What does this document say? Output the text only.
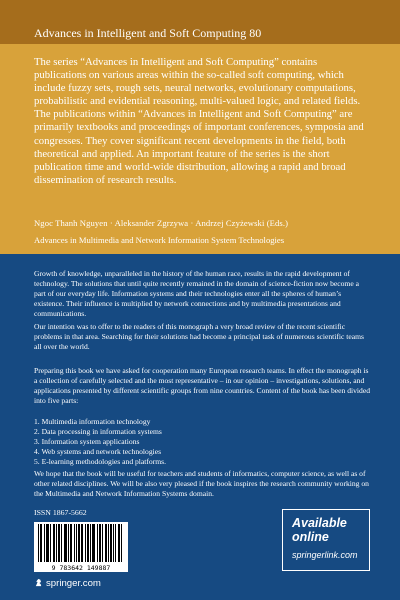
Advances in Intelligent and Soft Computing 80
The series “Advances in Intelligent and Soft Computing” contains publications on various areas within the so-called soft computing, which include fuzzy sets, rough sets, neural networks, evolutionary computations, probabilistic and evidential reasoning, multi-valued logic, and related fields. The publications within “Advances in Intelligent and Soft Computing” are primarily textbooks and proceedings of important conferences, symposia and congresses. They cover significant recent developments in the field, both theoretical and applied. An important feature of the series is the short publication time and world-wide distribution, allowing a rapid and broad dissemination of research results.
Ngoc Thanh Nguyen · Aleksander Zgrzywa · Andrzej Czyżewski (Eds.)
Advances in Multimedia and Network Information System Technologies
Growth of knowledge, unparalleled in the history of the human race, results in the rapid development of technology. The solutions that until quite recently remained in the domain of science-fiction now become a part of our everyday life. Information systems and their technologies enter all the spheres of human’s existence. Their influence is multiplied by network connections and by multimedia presentations and communications.
Our intention was to offer to the readers of this monograph a very broad review of the recent scientific problems in that area. Searching for their solutions had become a principal task of numerous scientific teams all over the world.
Preparing this book we have asked for cooperation many European research teams. In effect the monograph is a collection of carefully selected and the most representative – in our opinion – investigations, solutions, and applications presented by different scientific groups from nine countries. Content of the book has been divided into five parts:
1. Multimedia information technology
2. Data processing in information systems
3. Information system applications
4. Web systems and network technologies
5. E-learning methodologies and platforms.
We hope that the book will be useful for teachers and students of informatics, computer science, as well as of other related disciplines. We will be also very pleased if the book inspires the research community working on the Multimedia and Network Information Systems domain.
ISSN 1867-5662
9 783642 149887
Available
online
springerlink.com
springer.com
